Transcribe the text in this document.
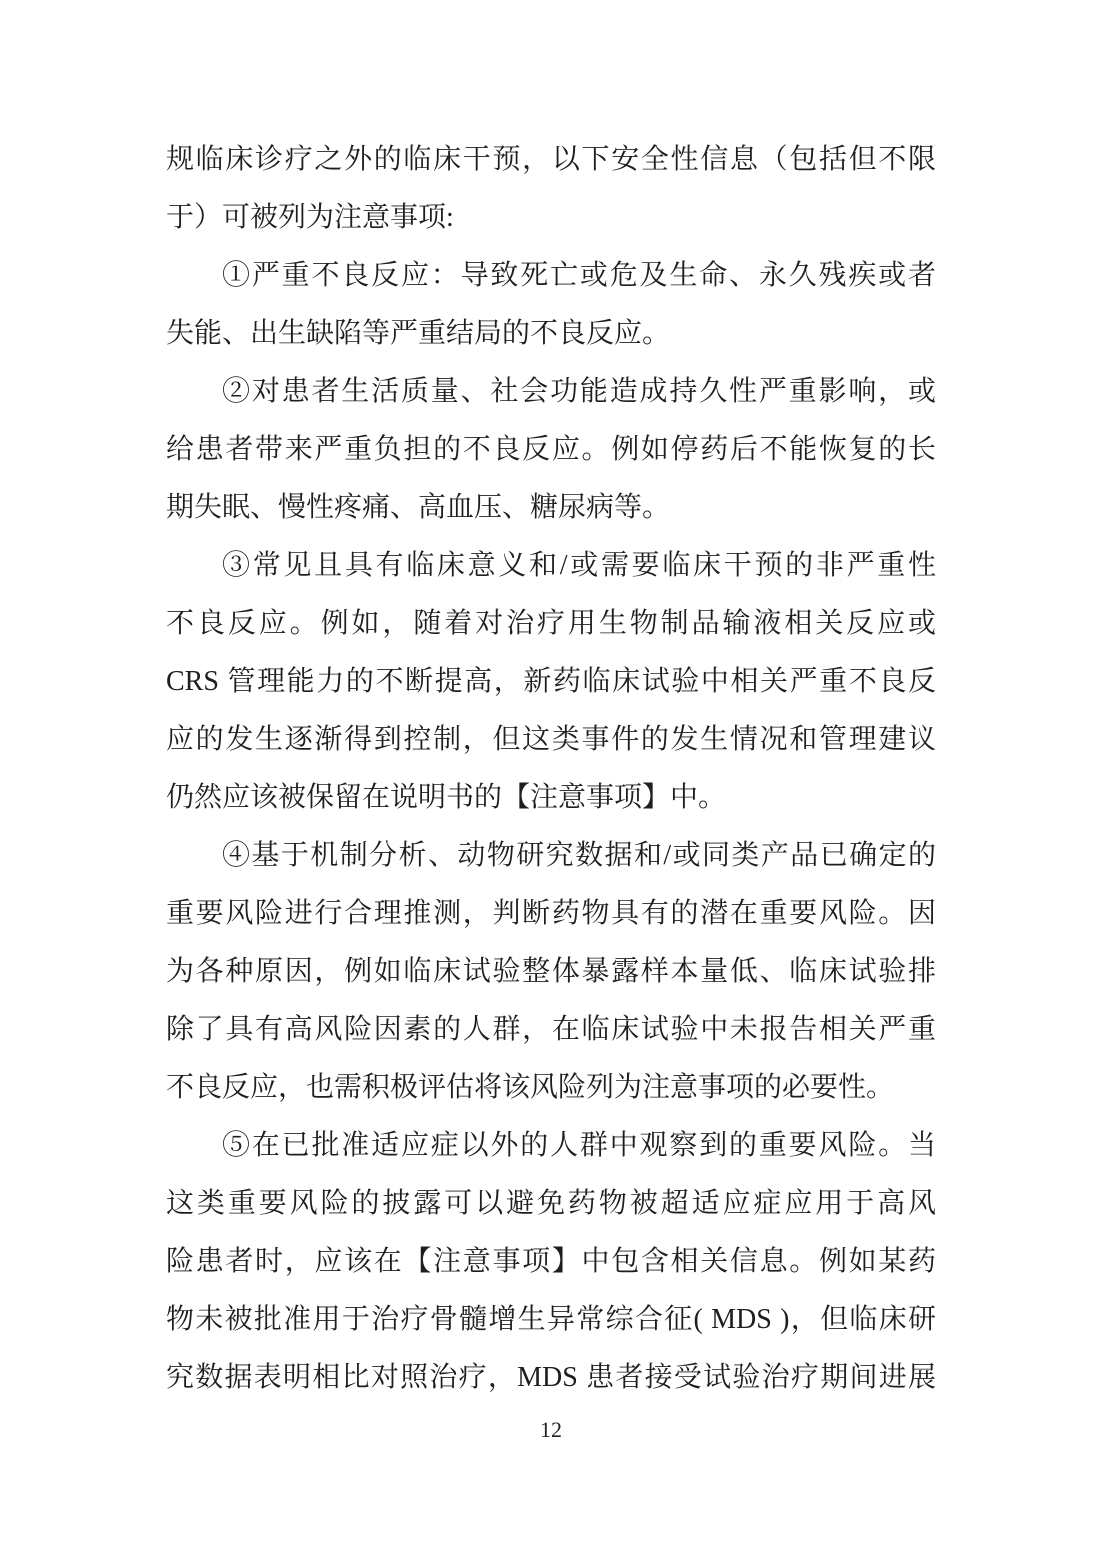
规临床诊疗之外的临床干预，以下安全性信息（包括但不限
于）可被列为注意事项:
①严重不良反应：导致死亡或危及生命、永久残疾或者
失能、出生缺陷等严重结局的不良反应。
②对患者生活质量、社会功能造成持久性严重影响，或
给患者带来严重负担的不良反应。例如停药后不能恢复的长
期失眠、慢性疼痛、高血压、糖尿病等。
③常见且具有临床意义和/或需要临床干预的非严重性
不良反应。例如，随着对治疗用生物制品输液相关反应或
CRS 管理能力的不断提高，新药临床试验中相关严重不良反
应的发生逐渐得到控制，但这类事件的发生情况和管理建议
仍然应该被保留在说明书的【注意事项】中。
④基于机制分析、动物研究数据和/或同类产品已确定的
重要风险进行合理推测，判断药物具有的潜在重要风险。因
为各种原因，例如临床试验整体暴露样本量低、临床试验排
除了具有高风险因素的人群，在临床试验中未报告相关严重
不良反应，也需积极评估将该风险列为注意事项的必要性。
⑤在已批准适应症以外的人群中观察到的重要风险。当
这类重要风险的披露可以避免药物被超适应症应用于高风
险患者时，应该在【注意事项】中包含相关信息。例如某药
物未被批准用于治疗骨髓增生异常综合征( MDS )，但临床研
究数据表明相比对照治疗，MDS 患者接受试验治疗期间进展
12
